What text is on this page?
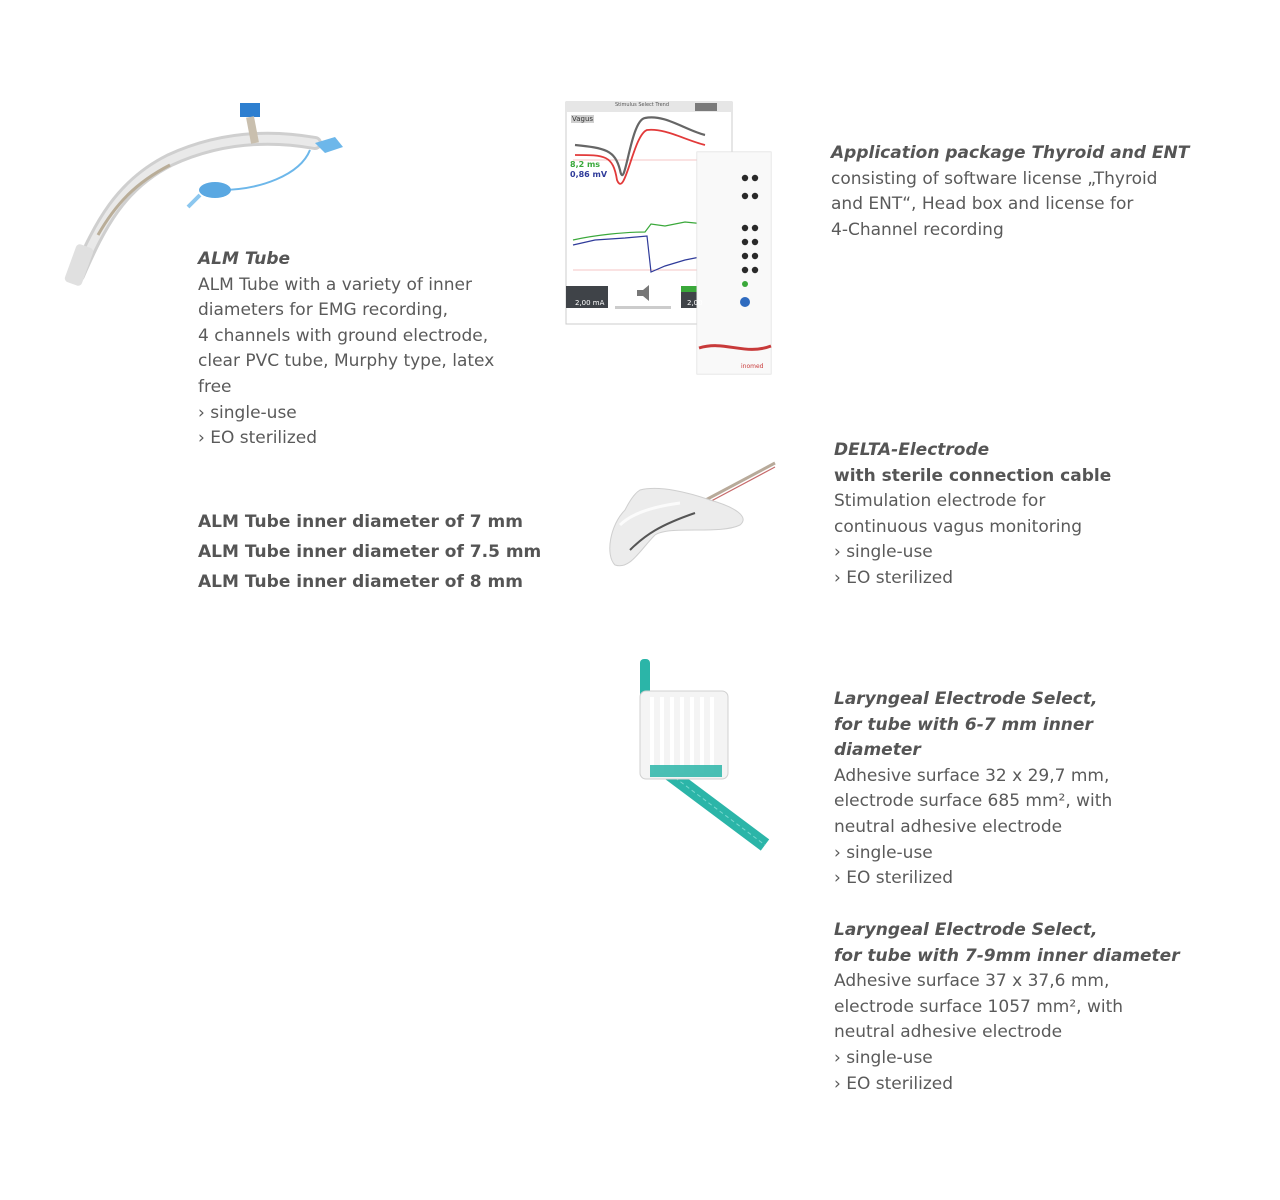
ALM Tube
ALM Tube with a variety of inner
diameters for EMG recording,
4 channels with ground electrode,
clear PVC tube, Murphy type, latex
free
› single-use
› EO sterilized
ALM Tube inner diameter of 7 mm
ALM Tube inner diameter of 7.5 mm
ALM Tube inner diameter of 8 mm
Stimulus Select Trend
Vagus
8,2 ms
0,86 mV
2,00 mA	2,00
inomed
Application package Thyroid and ENT
consisting of software license „Thyroid
and ENT“, Head box and license for
4-Channel recording
DELTA-Electrode
with sterile connection cable
Stimulation electrode for
continuous vagus monitoring
› single-use
› EO sterilized
Laryngeal Electrode Select,
for tube with 6-7 mm inner
diameter
Adhesive surface 32 x 29,7 mm,
electrode surface 685 mm², with
neutral adhesive electrode
› single-use
› EO sterilized
Laryngeal Electrode Select,
for tube with 7-9mm inner diameter
Adhesive surface 37 x 37,6 mm,
electrode surface 1057 mm², with
neutral adhesive electrode
› single-use
› EO sterilized
